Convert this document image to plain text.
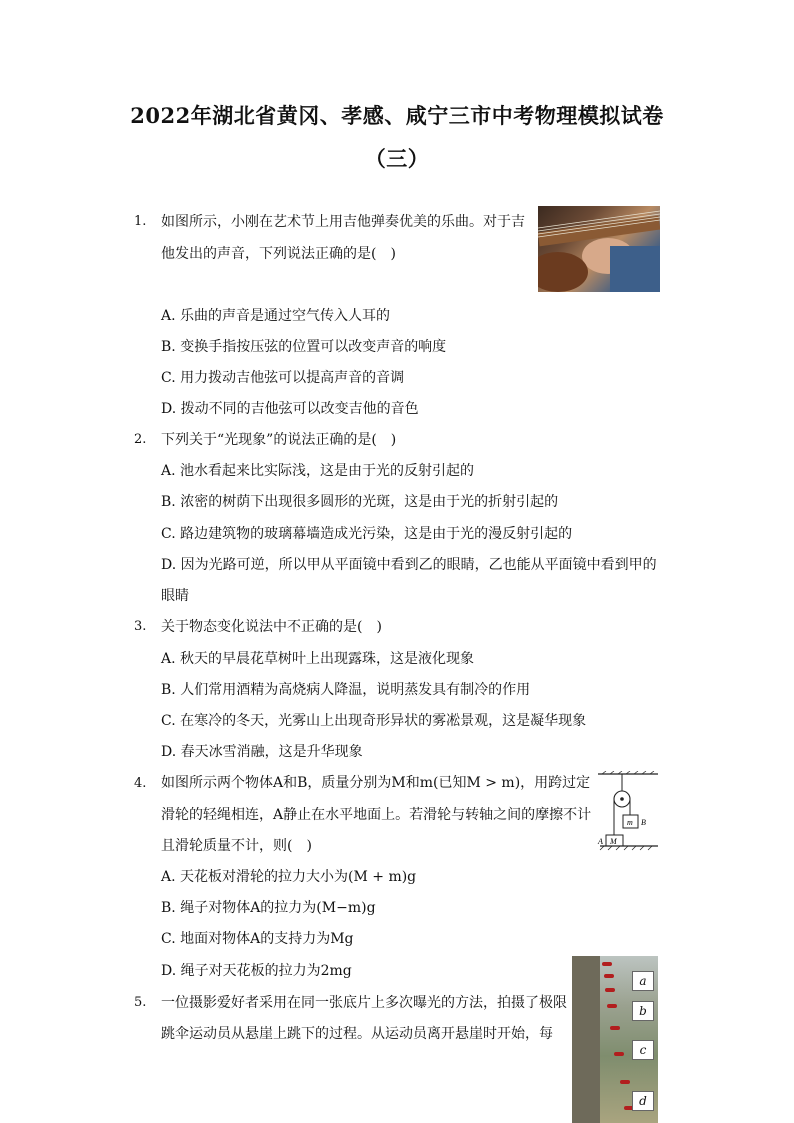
2022年湖北省黄冈、孝感、咸宁三市中考物理模拟试卷
（三）
1. 如图所示，小刚在艺术节上用吉他弹奏优美的乐曲。对于吉
他发出的声音，下列说法正确的是(　)
A. 乐曲的声音是通过空气传入人耳的
B. 变换手指按压弦的位置可以改变声音的响度
C. 用力拨动吉他弦可以提高声音的音调
D. 拨动不同的吉他弦可以改变吉他的音色
2. 下列关于“光现象”的说法正确的是(　)
A. 池水看起来比实际浅，这是由于光的反射引起的
B. 浓密的树荫下出现很多圆形的光斑，这是由于光的折射引起的
C. 路边建筑物的玻璃幕墙造成光污染，这是由于光的漫反射引起的
D. 因为光路可逆，所以甲从平面镜中看到乙的眼睛，乙也能从平面镜中看到甲的
眼睛
3. 关于物态变化说法中不正确的是(　)
A. 秋天的早晨花草树叶上出现露珠，这是液化现象
B. 人们常用酒精为高烧病人降温，说明蒸发具有制冷的作用
C. 在寒冷的冬天，光雾山上出现奇形异状的雾凇景观，这是凝华现象
D. 春天冰雪消融，这是升华现象
4. 如图所示两个物体A和B，质量分别为M和m(已知M > m)，用跨过定
滑轮的轻绳相连，A静止在水平地面上。若滑轮与转轴之间的摩擦不计
且滑轮质量不计，则(　)
m B
A M
A. 天花板对滑轮的拉力大小为(M + m)g
B. 绳子对物体A的拉力为(M−m)g
C. 地面对物体A的支持力为Mg
D. 绳子对天花板的拉力为2mg
5. 一位摄影爱好者采用在同一张底片上多次曝光的方法，拍摄了极限
跳伞运动员从悬崖上跳下的过程。从运动员离开悬崖时开始，每
a
b
c
d
